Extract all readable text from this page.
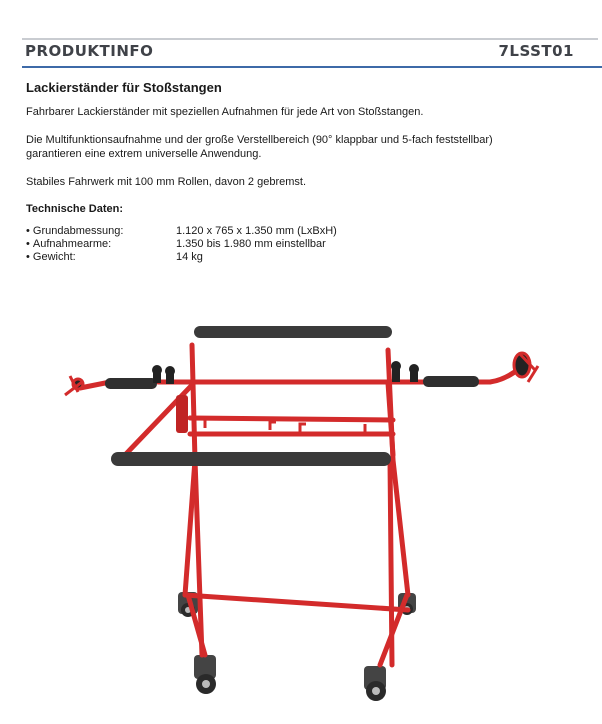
PRODUKTINFO	7LSST01
Lackierständer für Stoßstangen

Fahrbarer Lackierständer mit speziellen Aufnahmen für jede Art von Stoßstangen.

Die Multifunktionsaufnahme und der große Verstellbereich (90° klappbar und 5-fach feststellbar)
garantieren eine extrem universelle Anwendung.

Stabiles Fahrwerk mit 100 mm Rollen, davon 2 gebremst.

Technische Daten:
• Grundabmessung:	1.120 x 765 x 1.350 mm (LxBxH)
• Aufnahmearme:	1.350 bis 1.980 mm einstellbar
• Gewicht:	14 kg
